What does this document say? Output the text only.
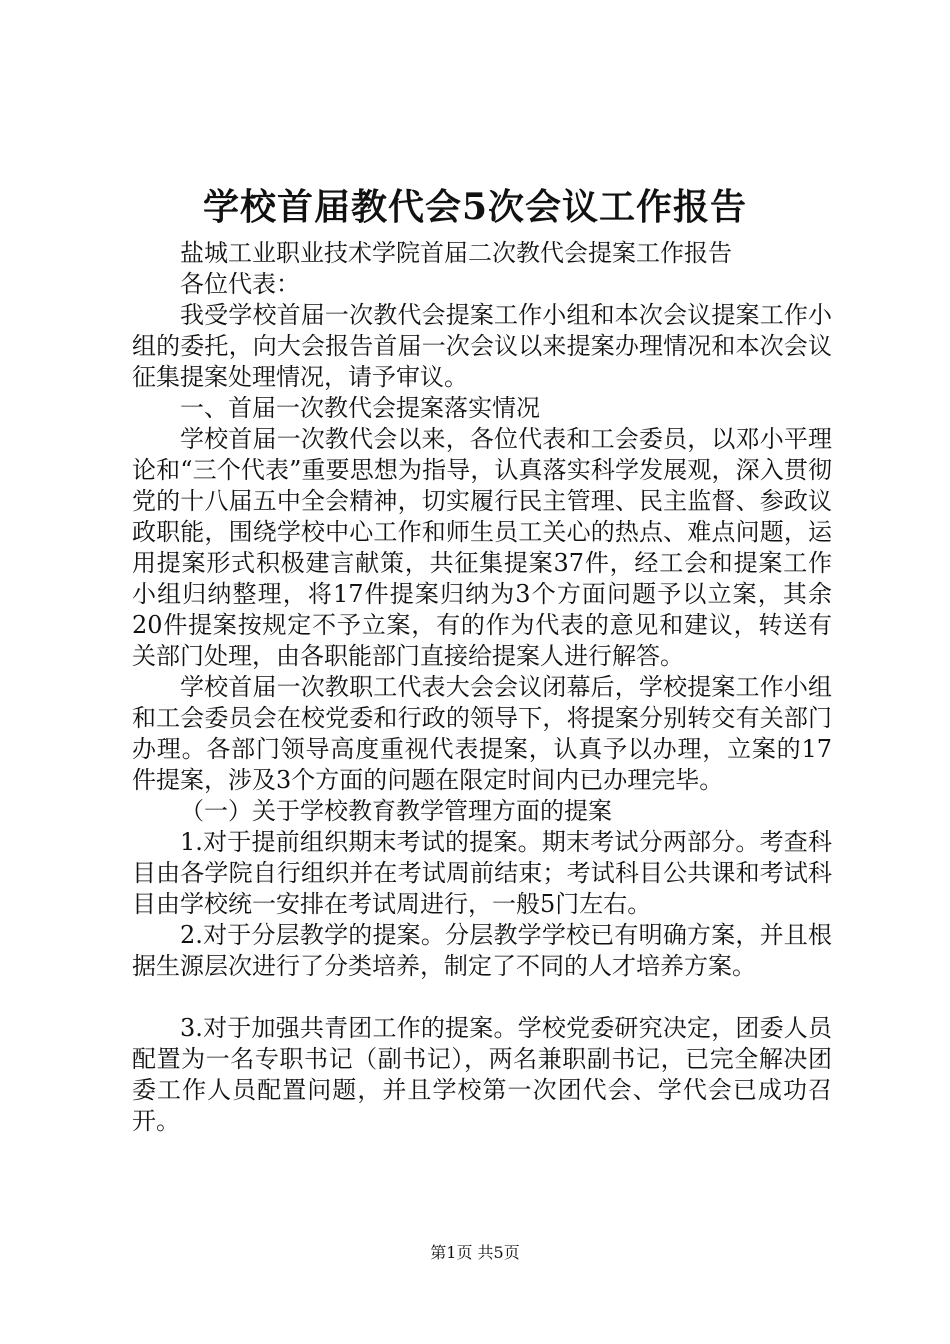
学校首届教代会5次会议工作报告

盐城工业职业技术学院首届二次教代会提案工作报告

各位代表：

我受学校首届一次教代会提案工作小组和本次会议提案工作小组的委托，向大会报告首届一次会议以来提案办理情况和本次会议征集提案处理情况，请予审议。

一、首届一次教代会提案落实情况

学校首届一次教代会以来，各位代表和工会委员，以邓小平理论和“三个代表”重要思想为指导，认真落实科学发展观，深入贯彻党的十八届五中全会精神，切实履行民主管理、民主监督、参政议政职能，围绕学校中心工作和师生员工关心的热点、难点问题，运用提案形式积极建言献策，共征集提案37件，经工会和提案工作小组归纳整理，将17件提案归纳为3个方面问题予以立案，其余20件提案按规定不予立案，有的作为代表的意见和建议，转送有关部门处理，由各职能部门直接给提案人进行解答。

学校首届一次教职工代表大会会议闭幕后，学校提案工作小组和工会委员会在校党委和行政的领导下，将提案分别转交有关部门办理。各部门领导高度重视代表提案，认真予以办理，立案的17件提案，涉及3个方面的问题在限定时间内已办理完毕。

（一）关于学校教育教学管理方面的提案

1.对于提前组织期末考试的提案。期末考试分两部分。考查科目由各学院自行组织并在考试周前结束；考试科目公共课和考试科目由学校统一安排在考试周进行，一般5门左右。

2.对于分层教学的提案。分层教学学校已有明确方案，并且根据生源层次进行了分类培养，制定了不同的人才培养方案。

3.对于加强共青团工作的提案。学校党委研究决定，团委人员配置为一名专职书记（副书记），两名兼职副书记，已完全解决团委工作人员配置问题，并且学校第一次团代会、学代会已成功召开。

第1页 共5页
